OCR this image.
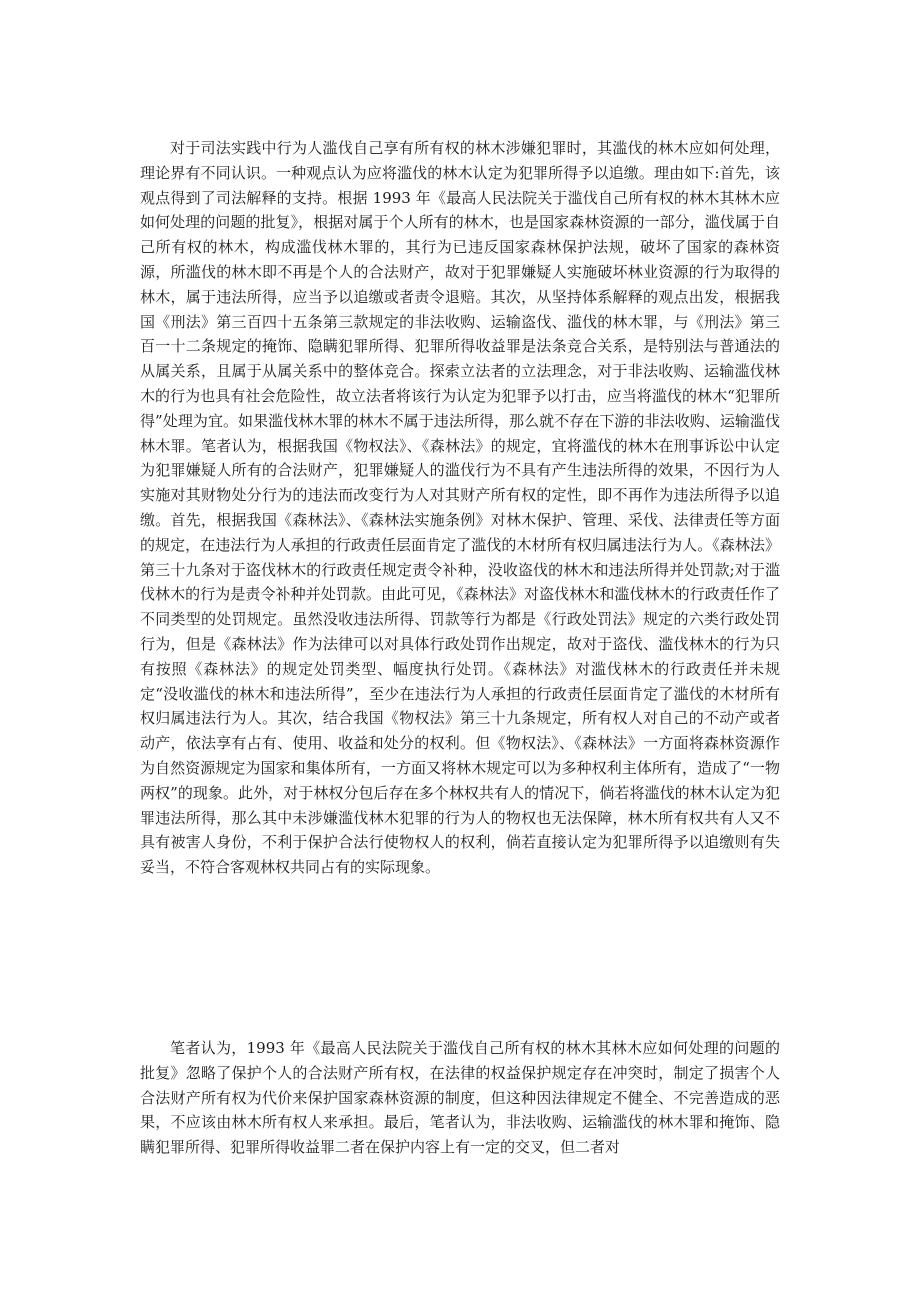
对于司法实践中行为人滥伐自己享有所有权的林木涉嫌犯罪时，其滥伐的林木应如何处理，理论界有不同认识。一种观点认为应将滥伐的林木认定为犯罪所得予以追缴。理由如下:首先，该观点得到了司法解释的支持。根据 1993 年《最高人民法院关于滥伐自己所有权的林木其林木应如何处理的问题的批复》，根据对属于个人所有的林木，也是国家森林资源的一部分，滥伐属于自己所有权的林木，构成滥伐林木罪的，其行为已违反国家森林保护法规，破坏了国家的森林资源，所滥伐的林木即不再是个人的合法财产，故对于犯罪嫌疑人实施破坏林业资源的行为取得的林木，属于违法所得，应当予以追缴或者责令退赔。其次，从坚持体系解释的观点出发，根据我国《刑法》第三百四十五条第三款规定的非法收购、运输盗伐、滥伐的林木罪，与《刑法》第三百一十二条规定的掩饰、隐瞒犯罪所得、犯罪所得收益罪是法条竞合关系，是特别法与普通法的从属关系，且属于从属关系中的整体竞合。探索立法者的立法理念，对于非法收购、运输滥伐林木的行为也具有社会危险性，故立法者将该行为认定为犯罪予以打击，应当将滥伐的林木“犯罪所得”处理为宜。如果滥伐林木罪的林木不属于违法所得，那么就不存在下游的非法收购、运输滥伐林木罪。笔者认为，根据我国《物权法》、《森林法》的规定，宜将滥伐的林木在刑事诉讼中认定为犯罪嫌疑人所有的合法财产，犯罪嫌疑人的滥伐行为不具有产生违法所得的效果，不因行为人实施对其财物处分行为的违法而改变行为人对其财产所有权的定性，即不再作为违法所得予以追缴。首先，根据我国《森林法》、《森林法实施条例》对林木保护、管理、采伐、法律责任等方面的规定，在违法行为人承担的行政责任层面肯定了滥伐的木材所有权归属违法行为人。《森林法》第三十九条对于盗伐林木的行政责任规定责令补种，没收盗伐的林木和违法所得并处罚款;对于滥伐林木的行为是责令补种并处罚款。由此可见，《森林法》对盗伐林木和滥伐林木的行政责任作了不同类型的处罚规定。虽然没收违法所得、罚款等行为都是《行政处罚法》规定的六类行政处罚行为，但是《森林法》作为法律可以对具体行政处罚作出规定，故对于盗伐、滥伐林木的行为只有按照《森林法》的规定处罚类型、幅度执行处罚。《森林法》对滥伐林木的行政责任并未规定“没收滥伐的林木和违法所得”，至少在违法行为人承担的行政责任层面肯定了滥伐的木材所有权归属违法行为人。其次，结合我国《物权法》第三十九条规定，所有权人对自己的不动产或者动产，依法享有占有、使用、收益和处分的权利。但《物权法》、《森林法》一方面将森林资源作为自然资源规定为国家和集体所有，一方面又将林木规定可以为多种权利主体所有，造成了“一物两权”的现象。此外，对于林权分包后存在多个林权共有人的情况下，倘若将滥伐的林木认定为犯罪违法所得，那么其中未涉嫌滥伐林木犯罪的行为人的物权也无法保障，林木所有权共有人又不具有被害人身份，不利于保护合法行使物权人的权利，倘若直接认定为犯罪所得予以追缴则有失妥当，不符合客观林权共同占有的实际现象。

笔者认为，1993 年《最高人民法院关于滥伐自己所有权的林木其林木应如何处理的问题的批复》忽略了保护个人的合法财产所有权，在法律的权益保护规定存在冲突时，制定了损害个人合法财产所有权为代价来保护国家森林资源的制度，但这种因法律规定不健全、不完善造成的恶果，不应该由林木所有权人来承担。最后，笔者认为，非法收购、运输滥伐的林木罪和掩饰、隐瞒犯罪所得、犯罪所得收益罪二者在保护内容上有一定的交叉，但二者对
